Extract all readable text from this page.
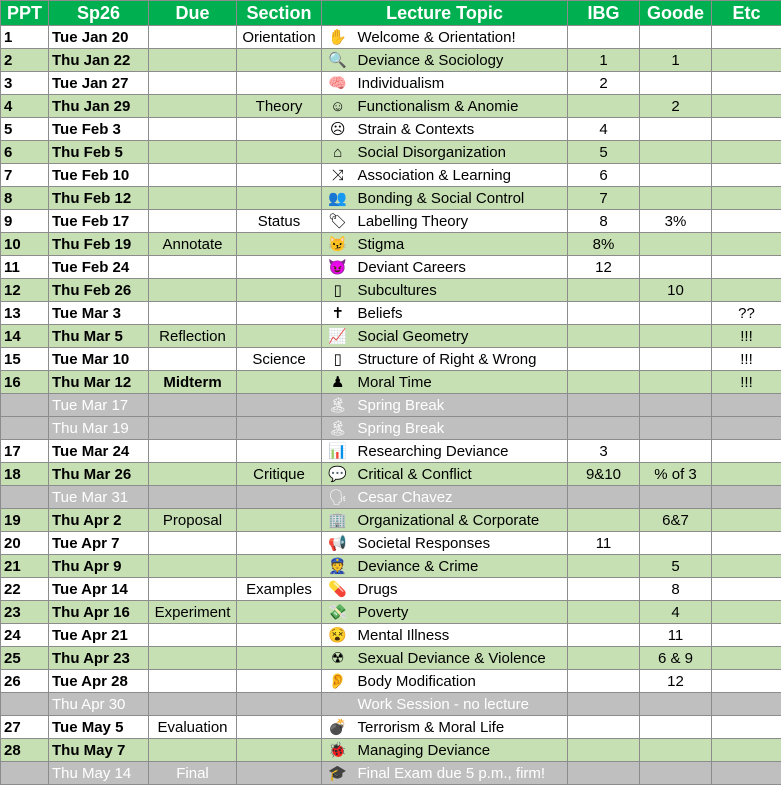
PPT	Sp26	Due	Section	Lecture Topic		IBG	Goode	Etc
1	Tue Jan 20		Orientation	✋	Welcome & Orientation!			
2	Thu Jan 22			🔍	Deviance & Sociology	1	1	
3	Tue Jan 27			🧠	Individualism	2		
4	Thu Jan 29		Theory	☺	Functionalism & Anomie		2	
5	Tue Feb 3			☹	Strain & Contexts	4		
6	Thu Feb 5			⌂	Social Disorganization	5		
7	Tue Feb 10			⤨	Association & Learning	6		
8	Thu Feb 12			👥	Bonding & Social Control	7		
9	Tue Feb 17		Status	🏷	Labelling Theory	8	3%	
10	Thu Feb 19	Annotate		😼	Stigma	8%		
11	Tue Feb 24			😈	Deviant Careers	12		
12	Thu Feb 26			▯	Subcultures		10	
13	Tue Mar 3			✝	Beliefs			??
14	Thu Mar 5	Reflection		📈	Social Geometry			!!!
15	Tue Mar 10		Science	▯	Structure of Right & Wrong			!!!
16	Thu Mar 12	Midterm		♟	Moral Time			!!!
	Tue Mar 17			🏝	Spring Break			
	Thu Mar 19			🏝	Spring Break			
17	Tue Mar 24			📊	Researching Deviance	3		
18	Thu Mar 26		Critique	💬	Critical & Conflict	9&10	% of 3	
	Tue Mar 31			🗣	Cesar Chavez			
19	Thu Apr 2	Proposal		🏢	Organizational & Corporate		6&7	
20	Tue Apr 7			📢	Societal Responses	11		
21	Thu Apr 9			👮	Deviance & Crime		5	
22	Tue Apr 14		Examples	💊	Drugs		8	
23	Thu Apr 16	Experiment		💸	Poverty		4	
24	Tue Apr 21			😵	Mental Illness		11	
25	Thu Apr 23			☢	Sexual Deviance & Violence		6 & 9	
26	Tue Apr 28			👂	Body Modification		12	
	Thu Apr 30				Work Session - no lecture			
27	Tue May 5	Evaluation		💣	Terrorism & Moral Life			
28	Thu May 7			🐞	Managing Deviance			
	Thu May 14	Final		🎓	Final Exam due 5 p.m., firm!			
